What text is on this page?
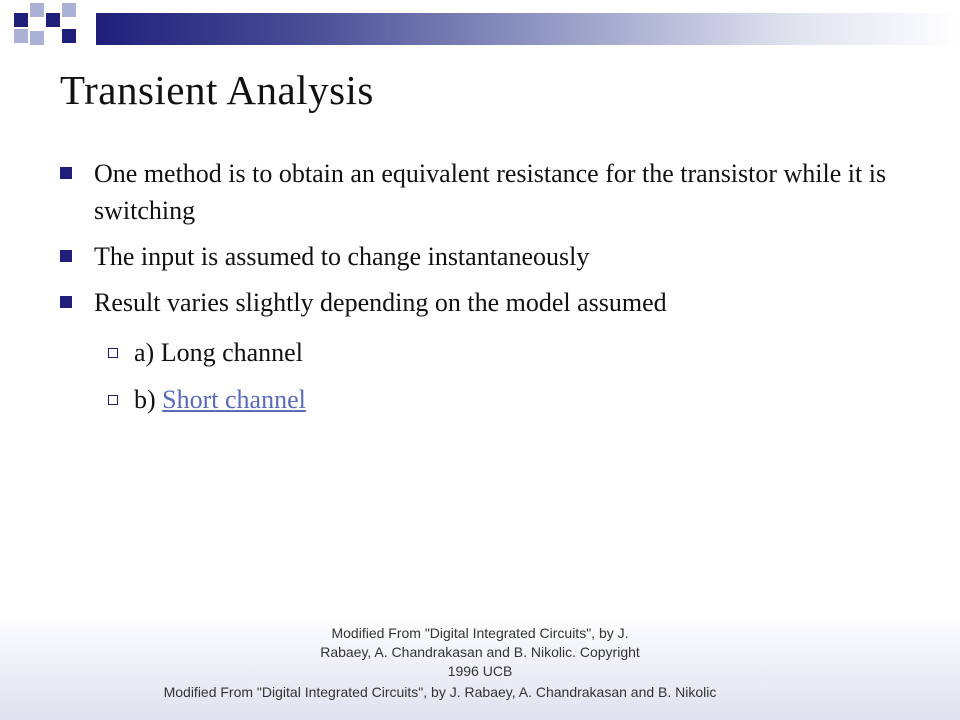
Transient Analysis
One method is to obtain an equivalent resistance for the transistor while it is switching
The input is assumed to change instantaneously
Result varies slightly depending on the model assumed
a) Long channel
b) Short channel
Modified From "Digital Integrated Circuits", by J. Rabaey, A. Chandrakasan and B. Nikolic. Copyright 1996 UCB
Modified From "Digital Integrated Circuits", by J. Rabaey, A. Chandrakasan and B. Nikolic
